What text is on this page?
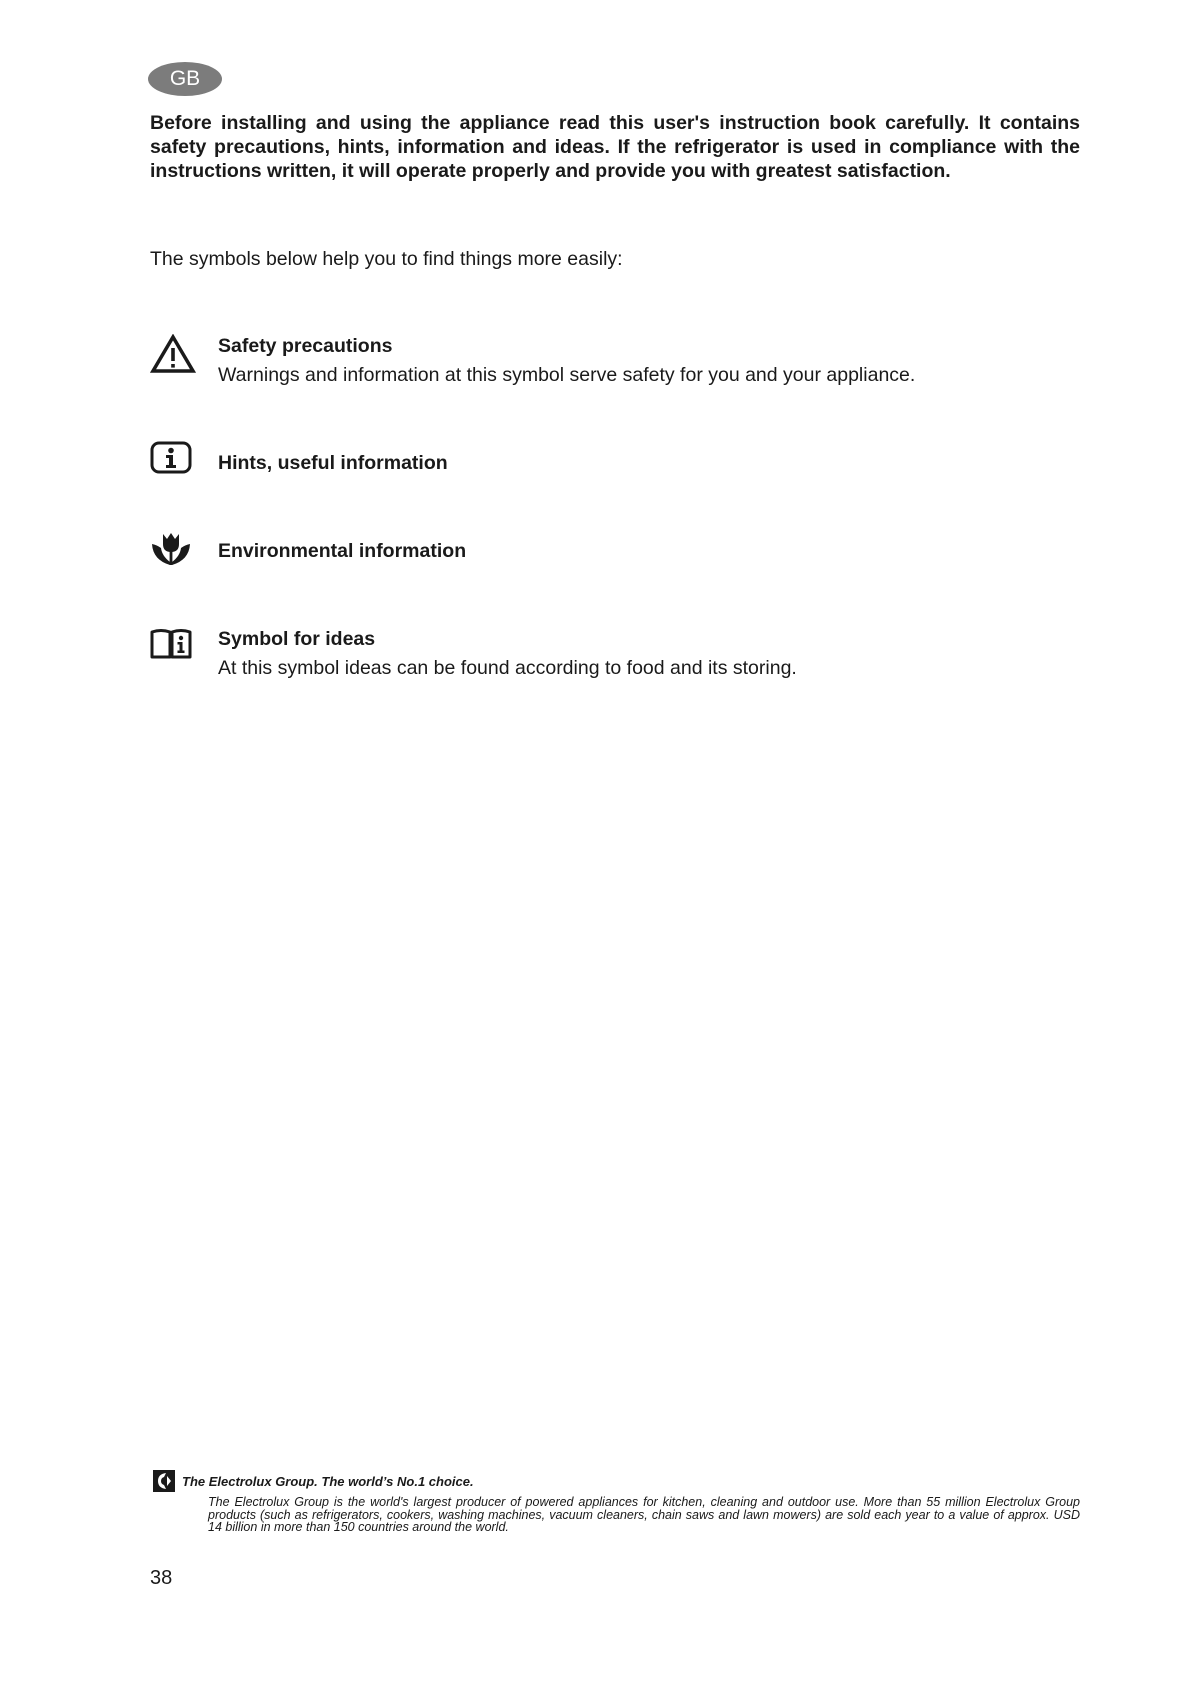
GB

Before installing and using the appliance read this user's instruction book carefully. It contains safety precautions, hints, information and ideas. If the refrigerator is used in compliance with the instructions written, it will operate properly and provide you with greatest satisfaction.

The symbols below help you to find things more easily:

Safety precautions

Warnings and information at this symbol serve safety for you and your appliance.

Hints, useful information

Environmental information

Symbol for ideas

At this symbol ideas can be found according to food and its storing.

The Electrolux Group. The world’s No.1 choice.

The Electrolux Group is the world's largest producer of powered appliances for kitchen, cleaning and outdoor use. More than 55 million Electrolux Group products (such as refrigerators, cookers, washing machines, vacuum cleaners, chain saws and lawn mowers) are sold each year to a value of approx. USD 14 billion in more than 150 countries around the world.

38
